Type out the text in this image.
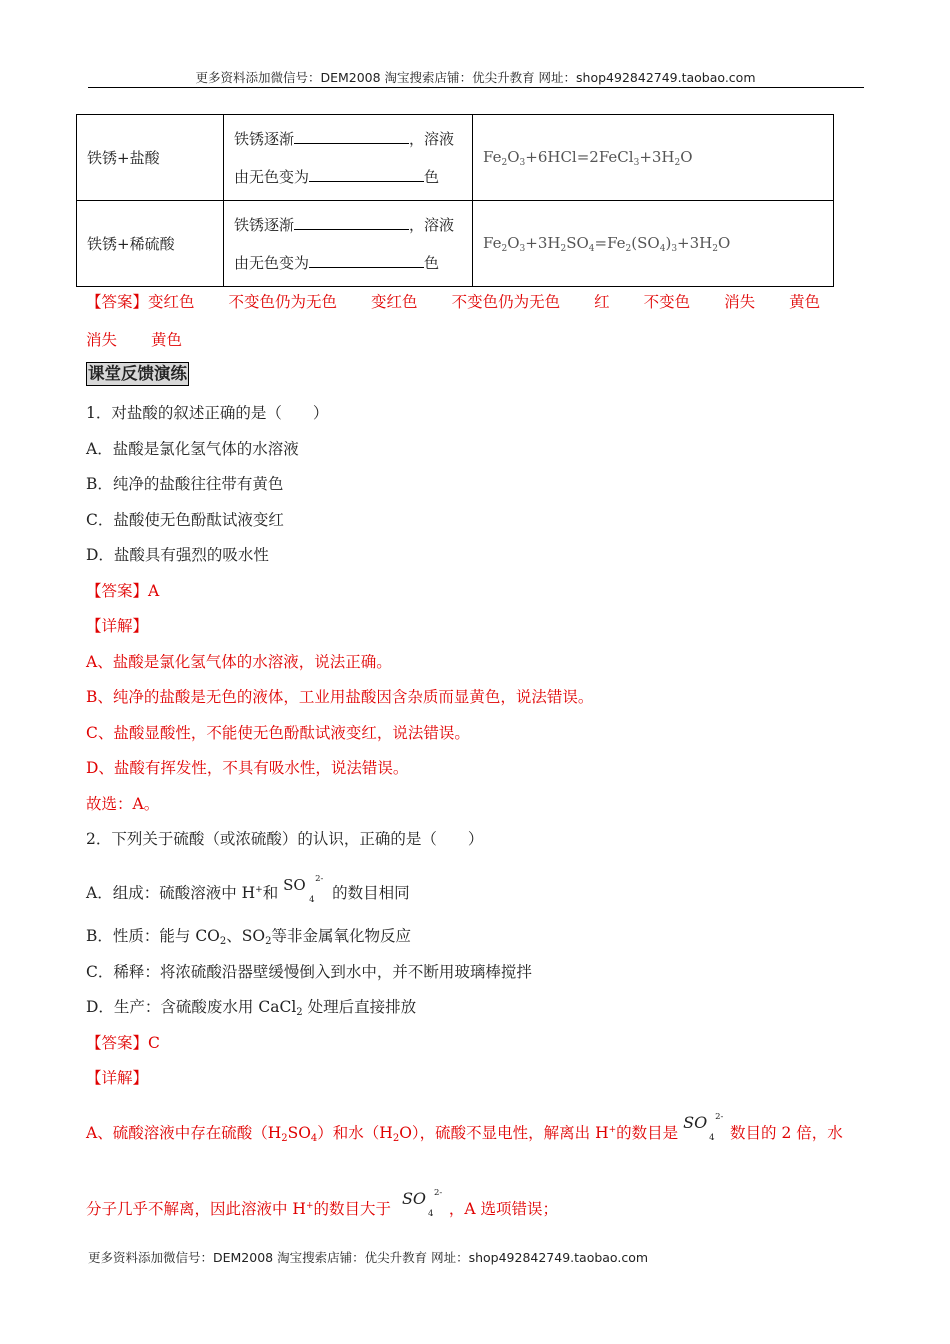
更多资料添加微信号：DEM2008 淘宝搜索店铺：优尖升教育 网址：shop492842749.taobao.com
铁锈+盐酸	铁锈逐渐 ，溶液
由无色变为 色	$Fe_2O_3+6HCl=2FeCl_3+3H_2O$
铁锈+稀硫酸	铁锈逐渐 ，溶液
由无色变为 色	$Fe_2O_3+3H_2SO_4=Fe_2(SO_4)_3+3H_2O$
【答案】变红色 不变色仍为无色 变红色 不变色仍为无色 红 不变色 消失 黄色
消失 黄色
课堂反馈演练
1．对盐酸的叙述正确的是（　　）
A．盐酸是氯化氢气体的水溶液
B．纯净的盐酸往往带有黄色
C．盐酸使无色酚酞试液变红
D．盐酸具有强烈的吸水性
【答案】A
【详解】
A、盐酸是氯化氢气体的水溶液，说法正确。
B、纯净的盐酸是无色的液体，工业用盐酸因含杂质而显黄色，说法错误。
C、盐酸显酸性，不能使无色酚酞试液变红，说法错误。
D、盐酸有挥发性，不具有吸水性，说法错误。
故选：A。
2．下列关于硫酸（或浓硫酸）的认识，正确的是（　　）
A．组成：硫酸溶液中 H+和 SO 2-
4 的数目相同
B．性质：能与 $CO_2$、$SO_2$等非金属氧化物反应
C．稀释：将浓硫酸沿器壁缓慢倒入到水中，并不断用玻璃棒搅拌
D．生产：含硫酸废水用 CaCl$_2$ 处理后直接排放
【答案】C
【详解】
A、硫酸溶液中存在硫酸$(H_2SO_4)$和水$(H_2O)$，硫酸不显电性，解离出 H+的数目是 SO 2-
4 数目的 2 倍，水
分子几乎不解离，因此溶液中 H+的数目大于 SO 2-
4 ，A 选项错误；
更多资料添加微信号：DEM2008 淘宝搜索店铺：优尖升教育 网址：shop492842749.taobao.com
